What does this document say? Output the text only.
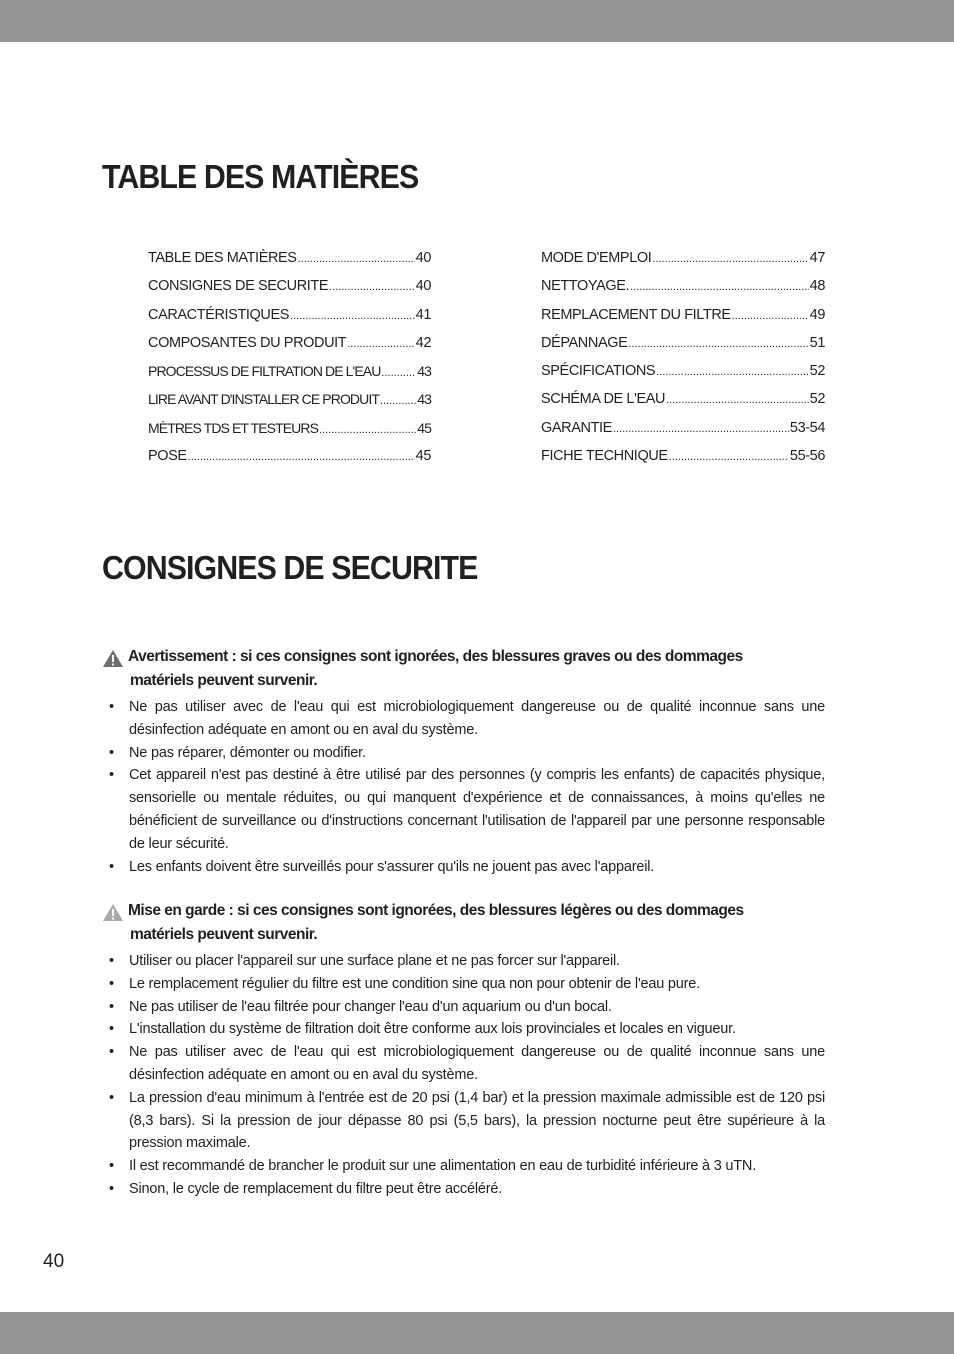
TABLE DES MATIÈRES
TABLE DES MATIÈRES .....	40
CONSIGNES DE SECURITE .....	40
CARACTÉRISTIQUES .....	41
COMPOSANTES DU PRODUIT .....	42
PROCESSUS DE FILTRATION DE L'EAU .....	43
LIRE AVANT D'INSTALLER CE PRODUIT .....	43
MÈTRES TDS ET TESTEURS .....	45
POSE .....	45
MODE D'EMPLOI .....	47
NETTOYAGE. .....	48
REMPLACEMENT DU FILTRE .....	49
DÉPANNAGE .....	51
SPÉCIFICATIONS .....	52
SCHÉMA DE L'EAU .....	52
GARANTIE .....	53-54
FICHE TECHNIQUE .....	55-56
CONSIGNES DE SECURITE
Avertissement : si ces consignes sont ignorées, des blessures graves ou des dommages
matériels peuvent survenir.
• Ne pas utiliser avec de l'eau qui est microbiologiquement dangereuse ou de qualité inconnue sans une désinfection adéquate en amont ou en aval du système.
• Ne pas réparer, démonter ou modifier.
• Cet appareil n'est pas destiné à être utilisé par des personnes (y compris les enfants) de capacités physique, sensorielle ou mentale réduites, ou qui manquent d'expérience et de connaissances, à moins qu'elles ne bénéficient de surveillance ou d'instructions concernant l'utilisation de l'appareil par une personne responsable de leur sécurité.
• Les enfants doivent être surveillés pour s'assurer qu'ils ne jouent pas avec l'appareil.
Mise en garde : si ces consignes sont ignorées, des blessures légères ou des dommages
matériels peuvent survenir.
• Utiliser ou placer l'appareil sur une surface plane et ne pas forcer sur l'appareil.
• Le remplacement régulier du filtre est une condition sine qua non pour obtenir de l'eau pure.
• Ne pas utiliser de l'eau filtrée pour changer l'eau d'un aquarium ou d'un bocal.
• L'installation du système de filtration doit être conforme aux lois provinciales et locales en vigueur.
• Ne pas utiliser avec de l'eau qui est microbiologiquement dangereuse ou de qualité inconnue sans une désinfection adéquate en amont ou en aval du système.
• La pression d'eau minimum à l'entrée est de 20 psi (1,4 bar) et la pression maximale admissible est de 120 psi (8,3 bars). Si la pression de jour dépasse 80 psi (5,5 bars), la pression nocturne peut être supérieure à la pression maximale.
• Il est recommandé de brancher le produit sur une alimentation en eau de turbidité inférieure à 3 uTN.
• Sinon, le cycle de remplacement du filtre peut être accéléré.

40
